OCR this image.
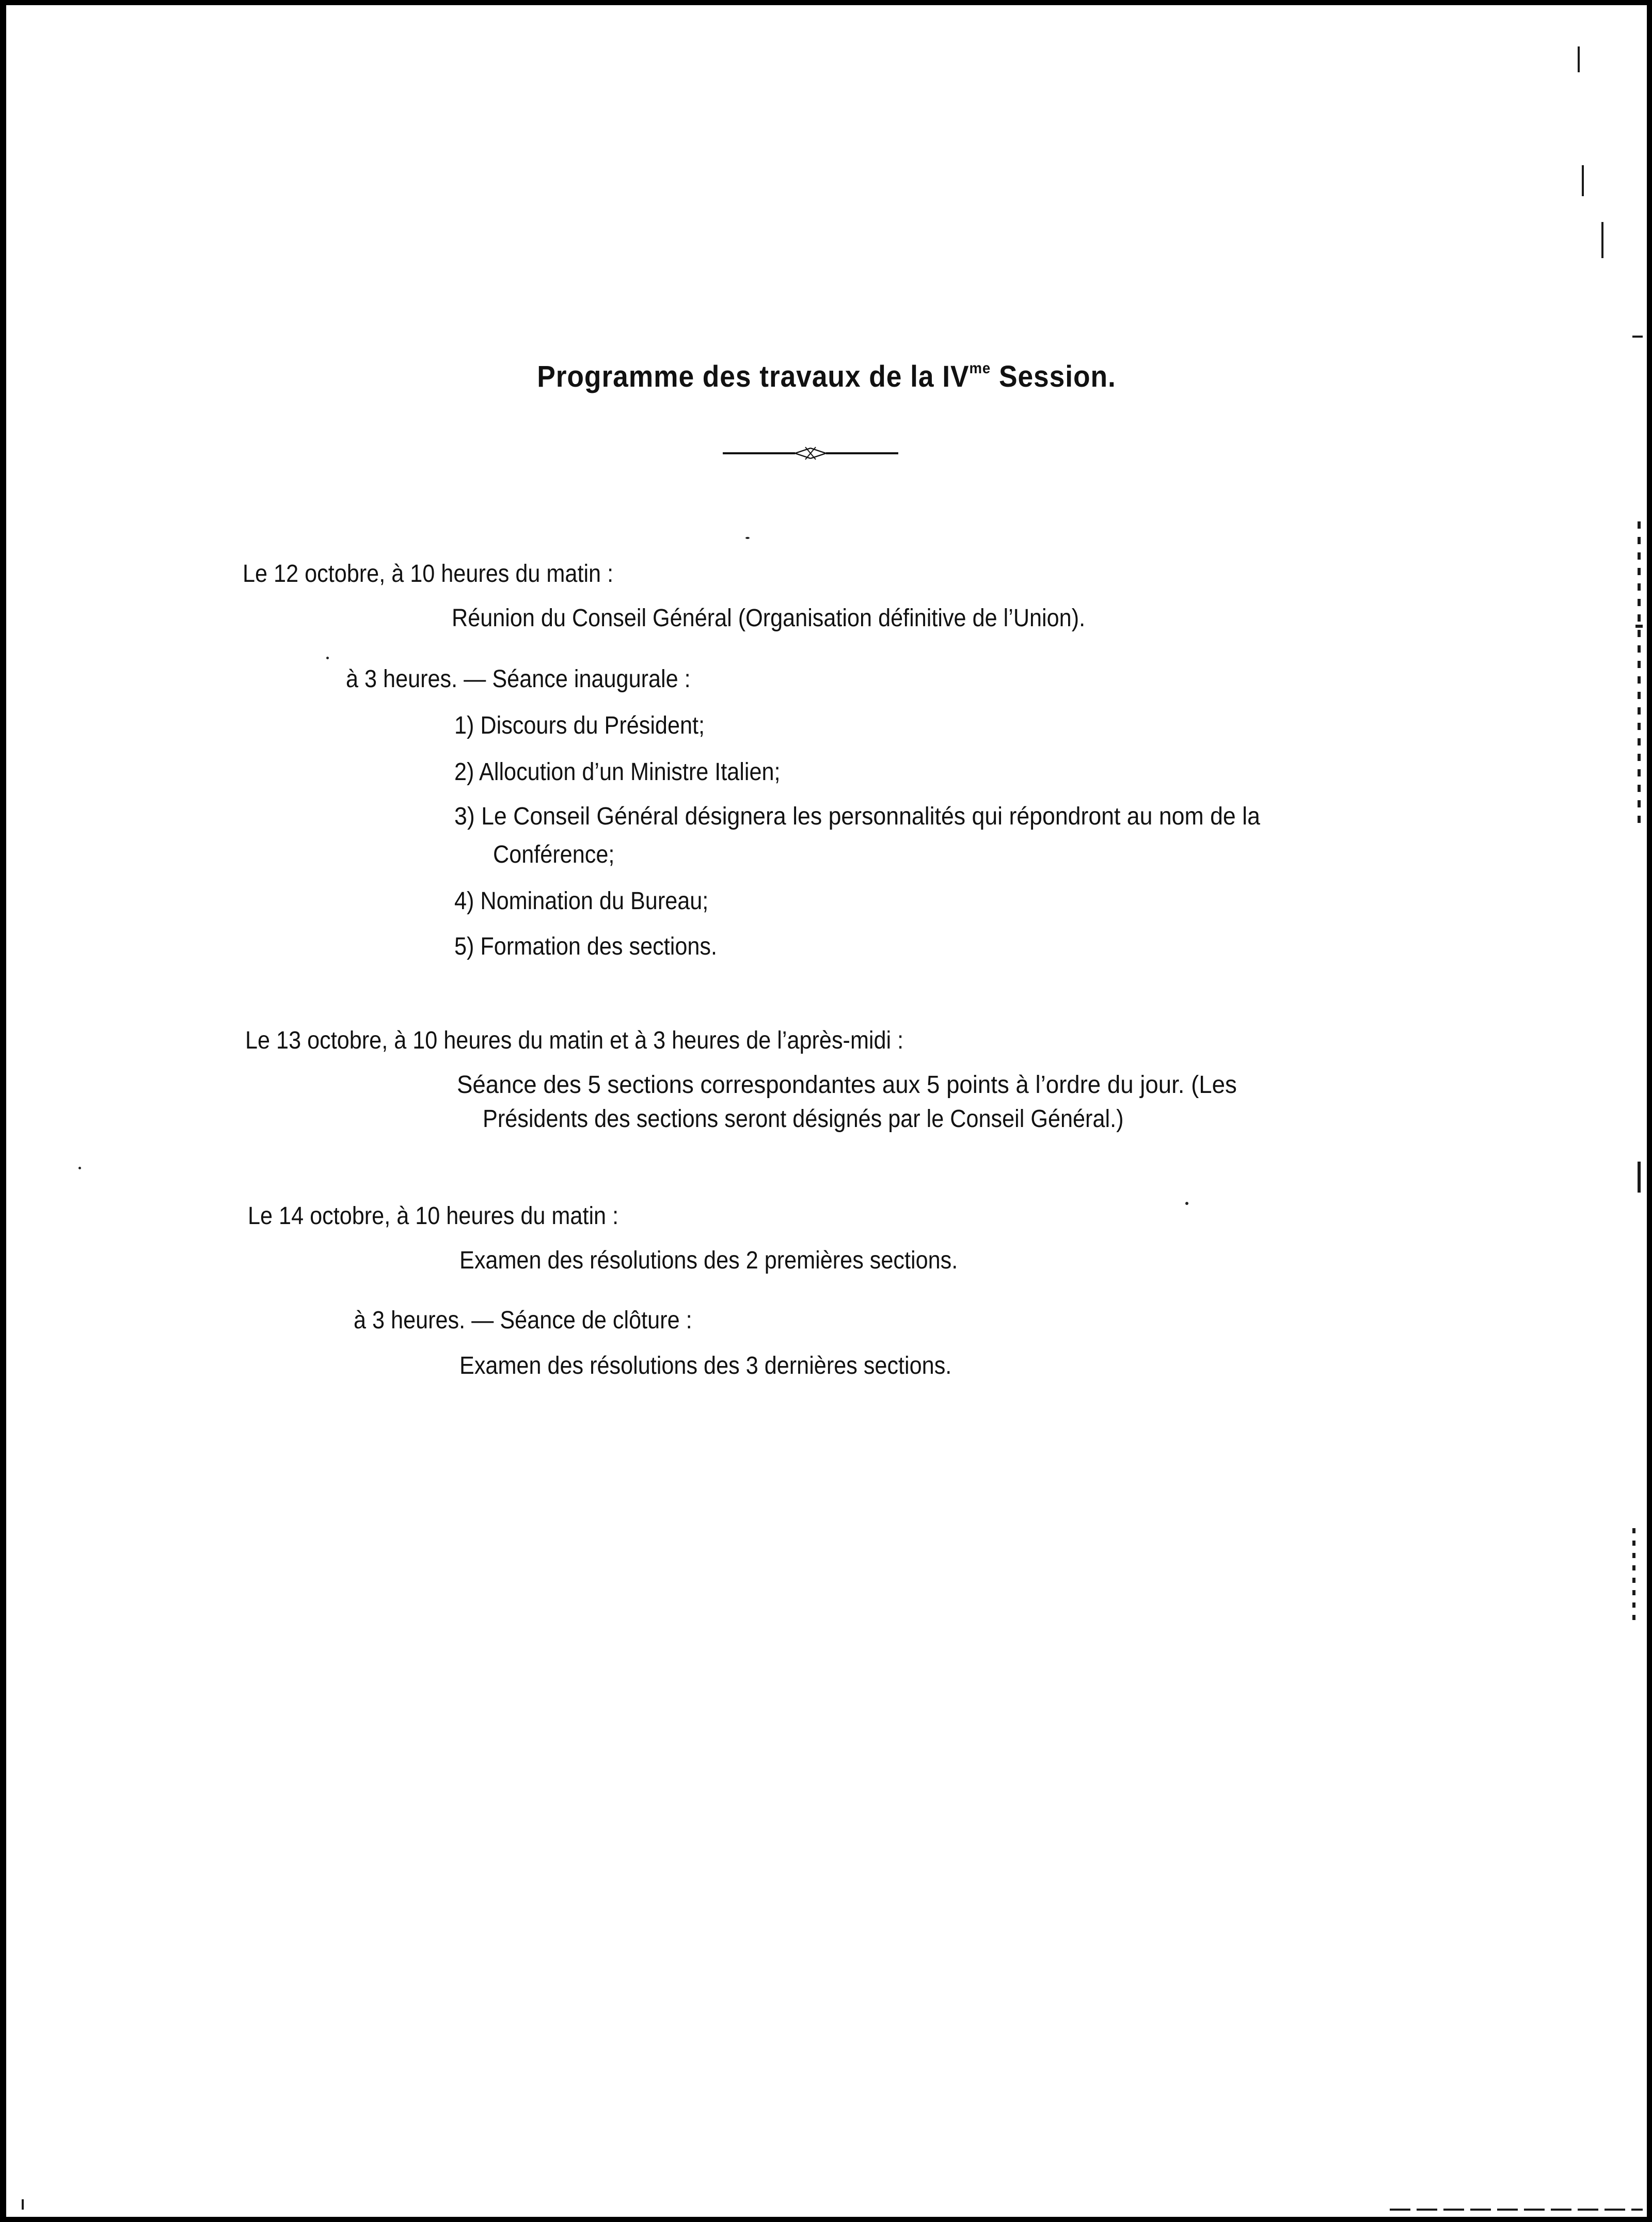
Programme des travaux de la $IV^{me}$ Session.
Le 12 octobre, à 10 heures du matin :
Réunion du Conseil Général (Organisation définitive de l’Union).
à 3 heures. — Séance inaugurale :
1) Discours du Président;
2) Allocution d’un Ministre Italien;
3) Le Conseil Général désignera les personnalités qui répondront au nom de la
Conférence;
4) Nomination du Bureau;
5) Formation des sections.
Le 13 octobre, à 10 heures du matin et à 3 heures de l’après-midi :
Séance des 5 sections correspondantes aux 5 points à l’ordre du jour. (Les
Présidents des sections seront désignés par le Conseil Général.)
Le 14 octobre, à 10 heures du matin :
Examen des résolutions des 2 premières sections.
à 3 heures. — Séance de clôture :
Examen des résolutions des 3 dernières sections.
